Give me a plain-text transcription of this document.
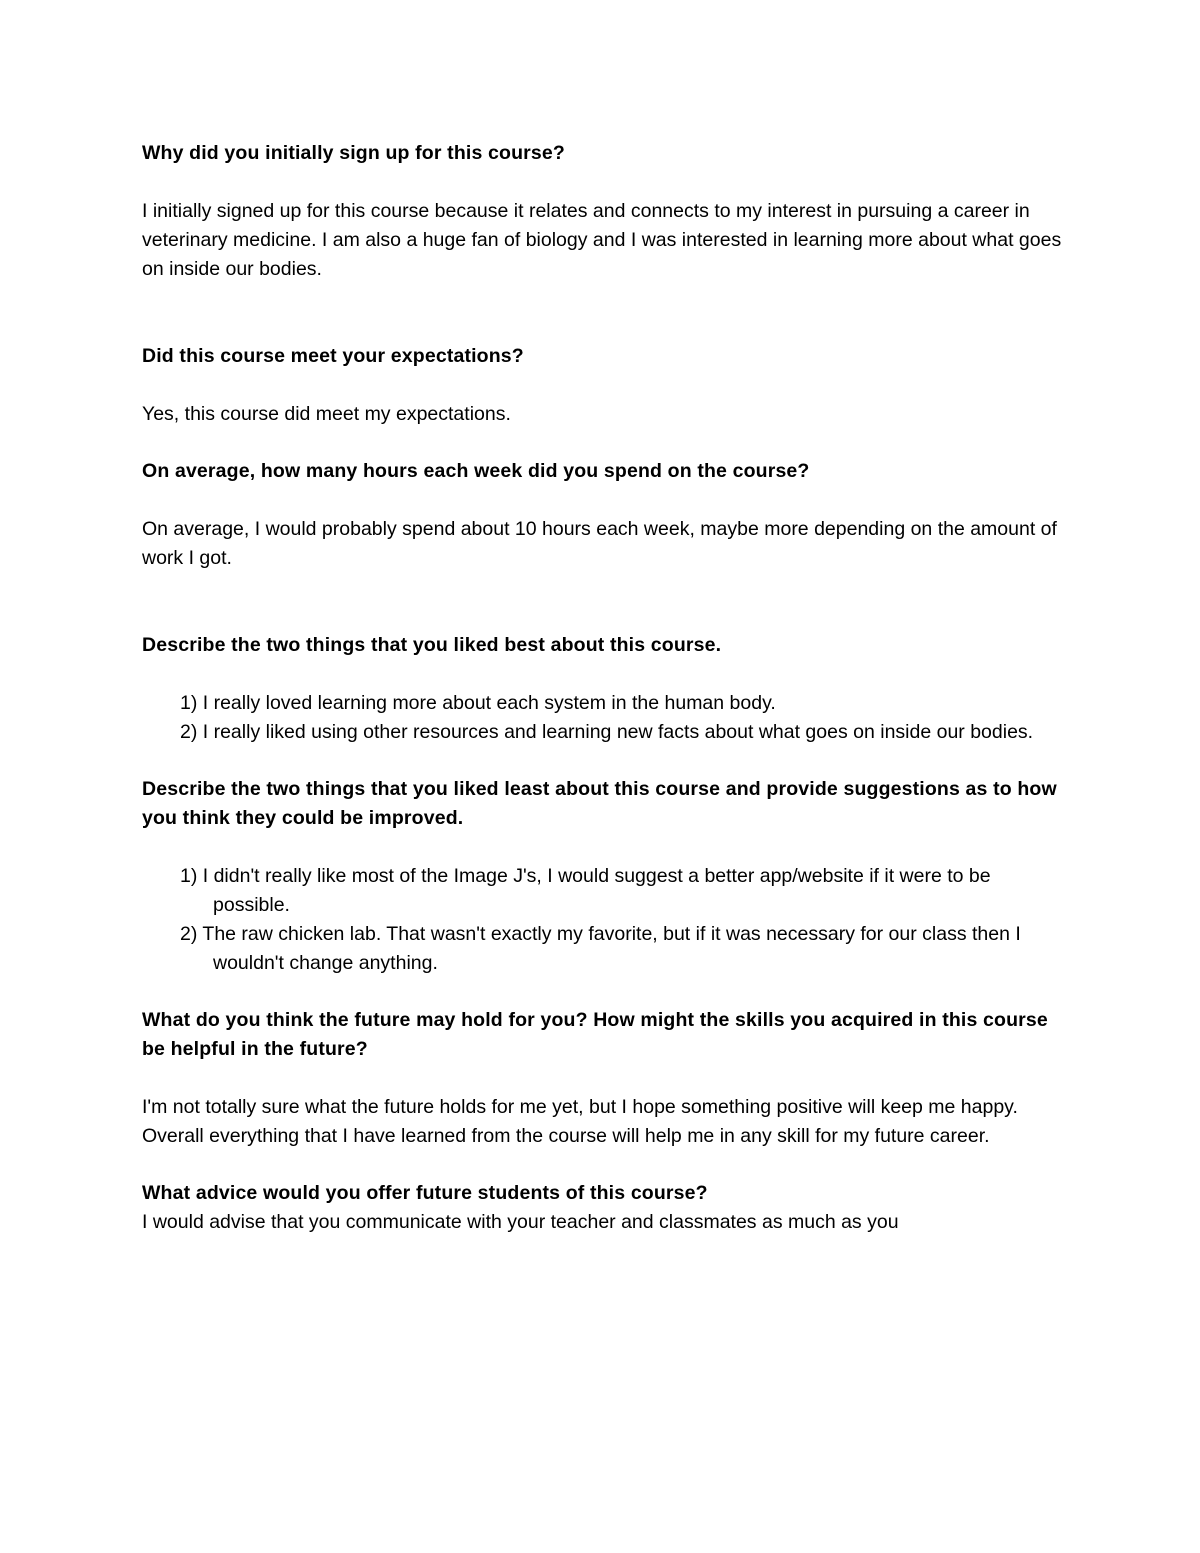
Why did you initially sign up for this course?

I initially signed up for this course because it relates and connects to my interest in pursuing a career in veterinary medicine. I am also a huge fan of biology and I was interested in learning more about what goes on inside our bodies.

Did this course meet your expectations?

Yes, this course did meet my expectations.

On average, how many hours each week did you spend on the course?

On average, I would probably spend about 10 hours each week, maybe more depending on the amount of work I got.

Describe the two things that you liked best about this course.

1) I really loved learning more about each system in the human body.
2) I really liked using other resources and learning new facts about what goes on inside our bodies.

Describe the two things that you liked least about this course and provide suggestions as to how you think they could be improved.

1) I didn't really like most of the Image J's, I would suggest a better app/website if it were to be possible.
2) The raw chicken lab. That wasn't exactly my favorite, but if it was necessary for our class then I wouldn't change anything.

What do you think the future may hold for you? How might the skills you acquired in this course be helpful in the future?

I'm not totally sure what the future holds for me yet, but I hope something positive will keep me happy. Overall everything that I have learned from the course will help me in any skill for my future career.

What advice would you offer future students of this course?

I would advise that you communicate with your teacher and classmates as much as you
